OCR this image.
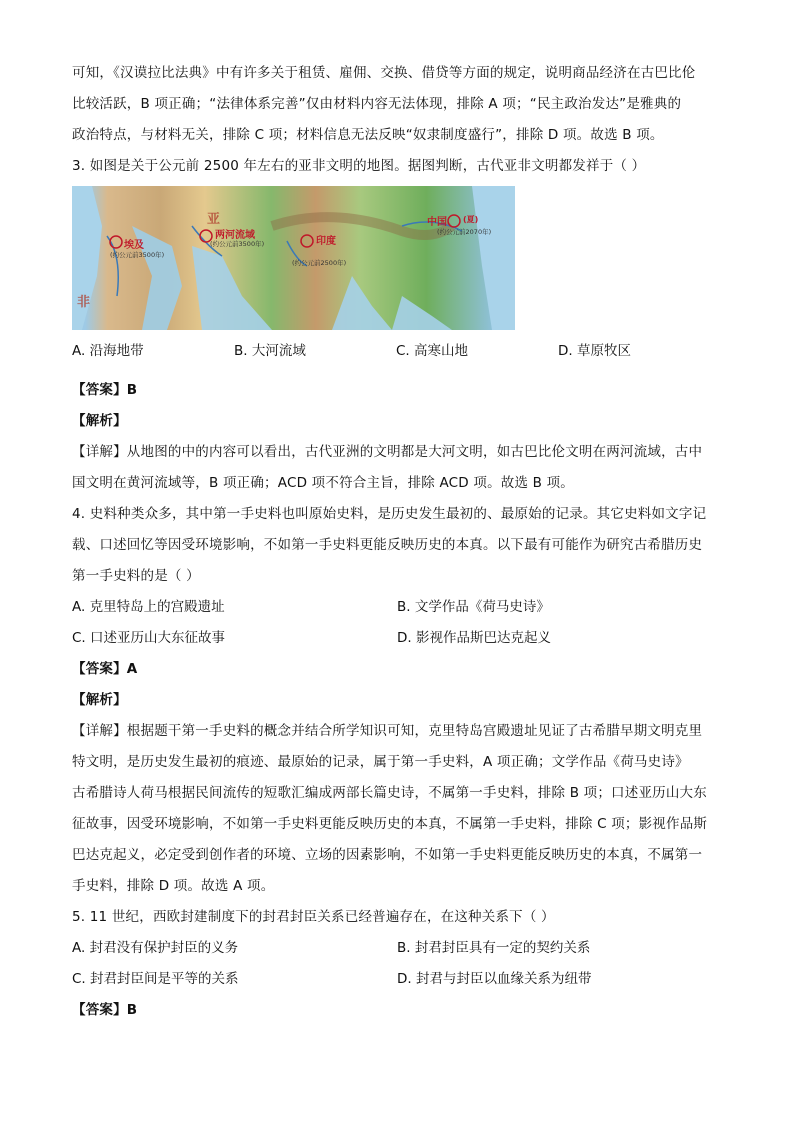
可知，《汉谟拉比法典》中有许多关于租赁、雇佣、交换、借贷等方面的规定，说明商品经济在古巴比伦
比较活跃，B 项正确；“法律体系完善”仅由材料内容无法体现，排除 A 项；“民主政治发达”是雅典的
政治特点，与材料无关，排除 C 项；材料信息无法反映“奴隶制度盛行”，排除 D 项。故选 B 项。
3. 如图是关于公元前 2500 年左右的亚非文明的地图。据图判断，古代亚非文明都发祥于（ ）
亚
非
埃及
(约公元前3500年)
两河流域
(约公元前3500年)	印度
(约公元前2500年)
中国 (夏)
(约公元前2070年)
A. 沿海地带	B. 大河流域	C. 高寒山地	D. 草原牧区
【答案】B
【解析】
【详解】从地图的中的内容可以看出，古代亚洲的文明都是大河文明，如古巴比伦文明在两河流域，古中
国文明在黄河流域等，B 项正确；ACD 项不符合主旨，排除 ACD 项。故选 B 项。
4. 史料种类众多，其中第一手史料也叫原始史料，是历史发生最初的、最原始的记录。其它史料如文字记
载、口述回忆等因受环境影响，不如第一手史料更能反映历史的本真。以下最有可能作为研究古希腊历史
第一手史料的是（ ）
A. 克里特岛上的宫殿遗址	B. 文学作品《荷马史诗》
C. 口述亚历山大东征故事	D. 影视作品斯巴达克起义
【答案】A
【解析】
【详解】根据题干第一手史料的概念并结合所学知识可知，克里特岛宫殿遗址见证了古希腊早期文明克里
特文明，是历史发生最初的痕迹、最原始的记录，属于第一手史料，A 项正确；文学作品《荷马史诗》
古希腊诗人荷马根据民间流传的短歌汇编成两部长篇史诗，不属第一手史料，排除 B 项；口述亚历山大东
征故事，因受环境影响，不如第一手史料更能反映历史的本真，不属第一手史料，排除 C 项；影视作品斯
巴达克起义，必定受到创作者的环境、立场的因素影响，不如第一手史料更能反映历史的本真，不属第一
手史料，排除 D 项。故选 A 项。
5. 11 世纪，西欧封建制度下的封君封臣关系已经普遍存在，在这种关系下（ ）
A. 封君没有保护封臣的义务	B. 封君封臣具有一定的契约关系
C. 封君封臣间是平等的关系	D. 封君与封臣以血缘关系为纽带
【答案】B
